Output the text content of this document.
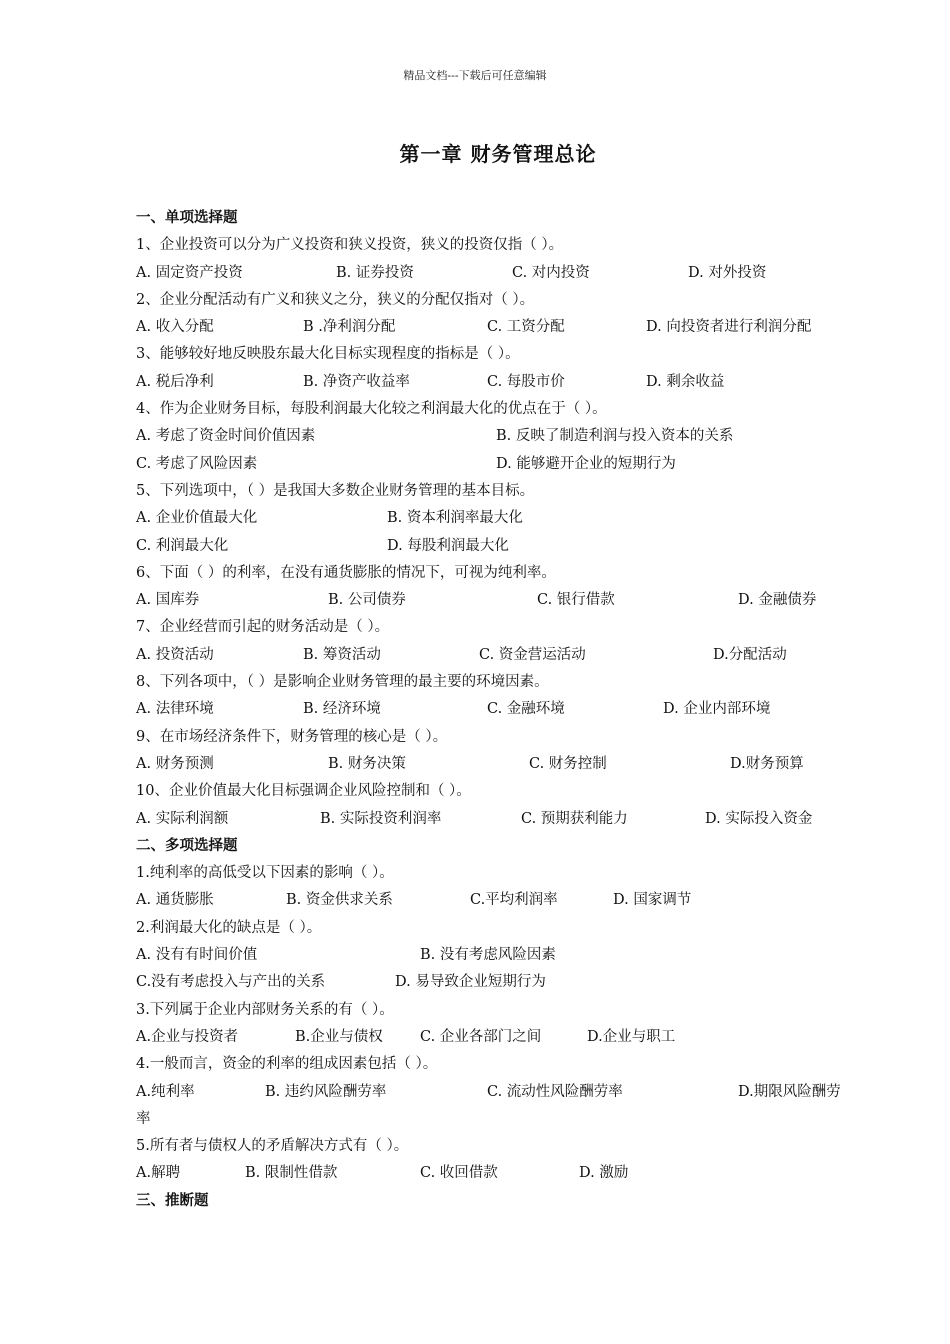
精品文档---下载后可任意编辑
第一章 财务管理总论
一、单项选择题
1、企业投资可以分为广义投资和狭义投资，狭义的投资仅指（ ）。
A. 固定资产投资	B. 证券投资	C. 对内投资	D. 对外投资
2、企业分配活动有广义和狭义之分，狭义的分配仅指对（ ）。
A. 收入分配	B .净利润分配	C. 工资分配	D. 向投资者进行利润分配
3、能够较好地反映股东最大化目标实现程度的指标是（ ）。
A. 税后净利	B. 净资产收益率	C. 每股市价	D. 剩余收益
4、作为企业财务目标，每股利润最大化较之利润最大化的优点在于（ ）。
A. 考虑了资金时间价值因素	B. 反映了制造利润与投入资本的关系
C. 考虑了风险因素	D. 能够避开企业的短期行为
5、下列选项中，（ ）是我国大多数企业财务管理的基本目标。
A. 企业价值最大化	B. 资本利润率最大化
C. 利润最大化	D. 每股利润最大化
6、下面（ ）的利率，在没有通货膨胀的情况下，可视为纯利率。
A. 国库券	B. 公司债券	C. 银行借款	D. 金融债券
7、企业经营而引起的财务活动是（ ）。
A. 投资活动	B. 筹资活动	C. 资金营运活动	D.分配活动
8、下列各项中，（ ）是影响企业财务管理的最主要的环境因素。
A. 法律环境	B. 经济环境	C. 金融环境	D. 企业内部环境
9、在市场经济条件下，财务管理的核心是（ ）。
A. 财务预测	B. 财务决策	C. 财务控制	D.财务预算
10、企业价值最大化目标强调企业风险控制和（ ）。
A. 实际利润额	B. 实际投资利润率	C. 预期获利能力	D. 实际投入资金
二、多项选择题
1.纯利率的高低受以下因素的影响（ ）。
A. 通货膨胀	B. 资金供求关系	C.平均利润率	D. 国家调节
2.利润最大化的缺点是（ ）。
A. 没有有时间价值	B. 没有考虑风险因素
C.没有考虑投入与产出的关系	D. 易导致企业短期行为
3.下列属于企业内部财务关系的有（ ）。
A.企业与投资者	B.企业与债权	C. 企业各部门之间	D.企业与职工
4.一般而言，资金的利率的组成因素包括（ ）。
A.纯利率	B. 违约风险酬劳率	C. 流动性风险酬劳率	D.期限风险酬劳
率
5.所有者与债权人的矛盾解决方式有（ ）。
A.解聘	B. 限制性借款	C. 收回借款	D. 激励
三、推断题
